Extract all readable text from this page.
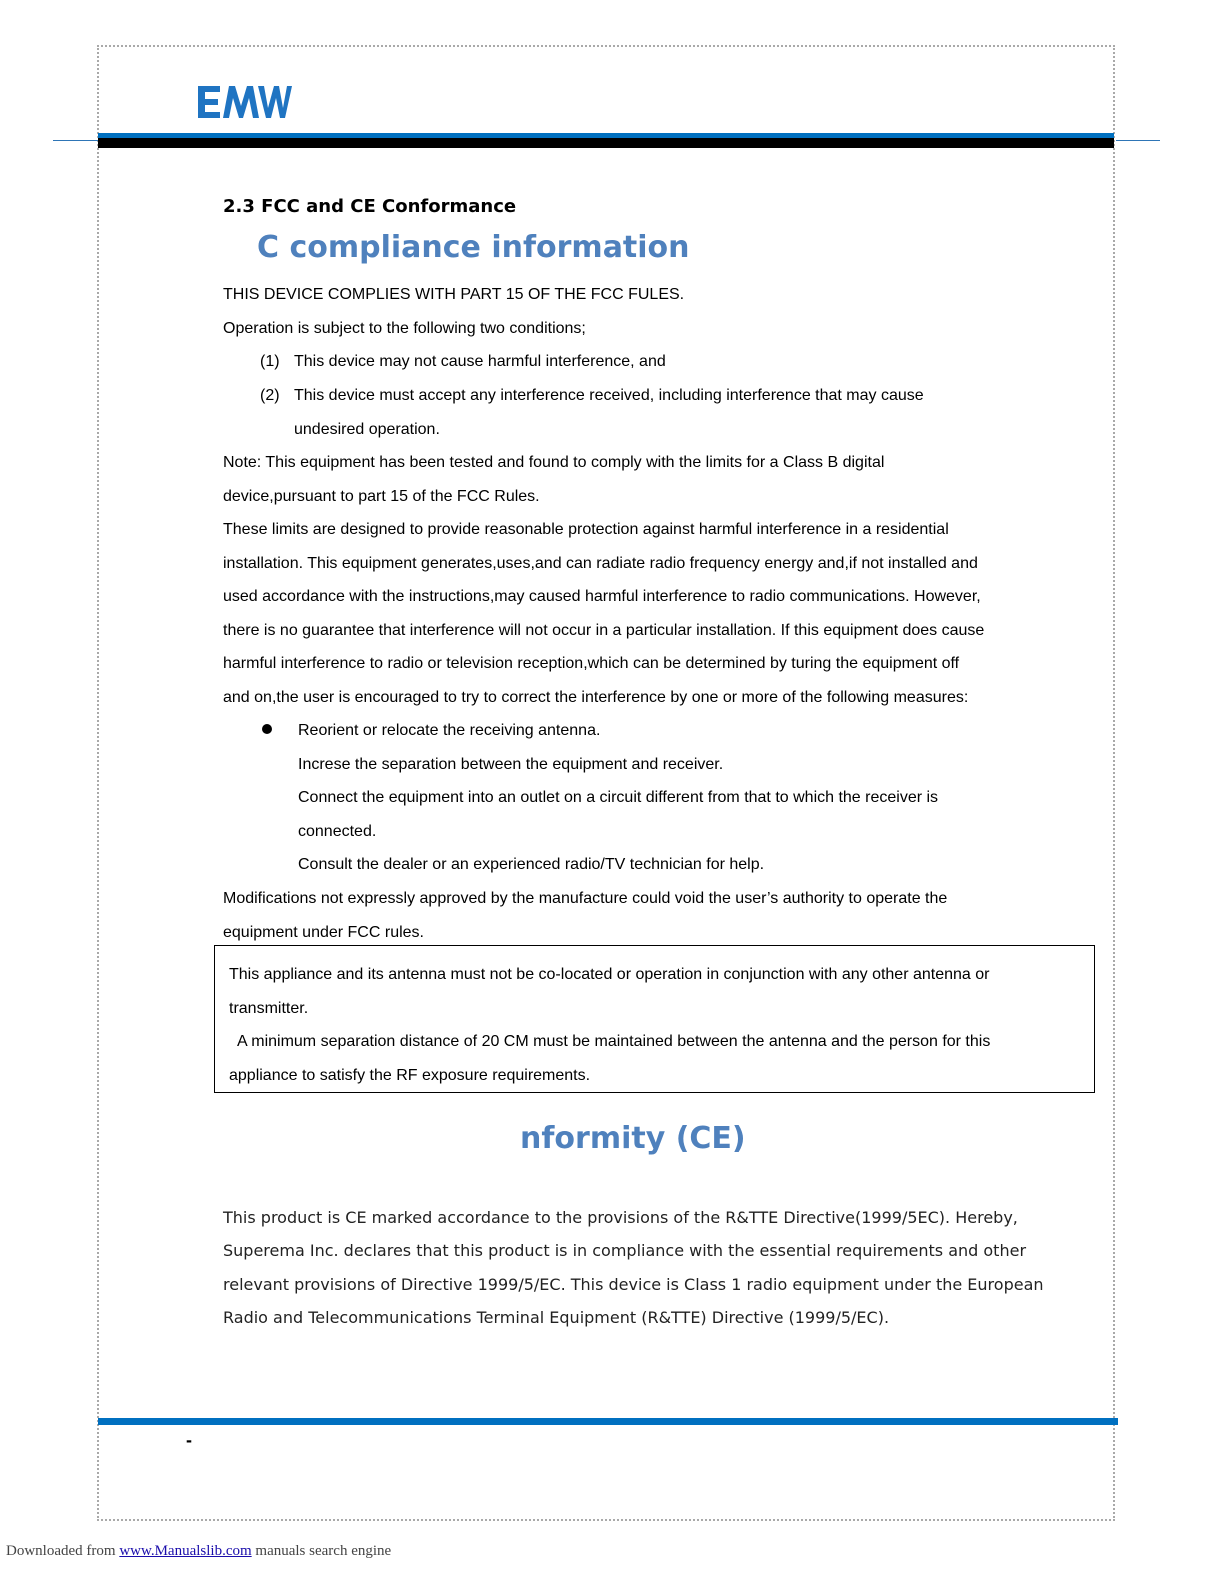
2.3 FCC and CE Conformance
C compliance information
THIS DEVICE COMPLIES WITH PART 15 OF THE FCC FULES.
Operation is subject to the following two conditions;
(1) This device may not cause harmful interference, and
(2) This device must accept any interference received, including interference that may cause
undesired operation.
Note: This equipment has been tested and found to comply with the limits for a Class B digital
device,pursuant to part 15 of the FCC Rules.
These limits are designed to provide reasonable protection against harmful interference in a residential
installation. This equipment generates,uses,and can radiate radio frequency energy and,if not installed and
used accordance with the instructions,may caused harmful interference to radio communications. However,
there is no guarantee that interference will not occur in a particular installation. If this equipment does cause
harmful interference to radio or television reception,which can be determined by turing the equipment off
and on,the user is encouraged to try to correct the interference by one or more of the following measures:
Reorient or relocate the receiving antenna.
Increse the separation between the equipment and receiver.
Connect the equipment into an outlet on a circuit different from that to which the receiver is
connected.
Consult the dealer or an experienced radio/TV technician for help.
Modifications not expressly approved by the manufacture could void the user’s authority to operate the
equipment under FCC rules.
This appliance and its antenna must not be co-located or operation in conjunction with any other antenna or
transmitter.
A minimum separation distance of 20 CM must be maintained between the antenna and the person for this
appliance to satisfy the RF exposure requirements.
nformity (CE)
This product is CE marked accordance to the provisions of the R&TTE Directive(1999/5EC). Hereby,
Superema Inc. declares that this product is in compliance with the essential requirements and other
relevant provisions of Directive 1999/5/EC. This device is Class 1 radio equipment under the European
Radio and Telecommunications Terminal Equipment (R&TTE) Directive (1999/5/EC).
-
Downloaded from www.Manualslib.com manuals search engine
